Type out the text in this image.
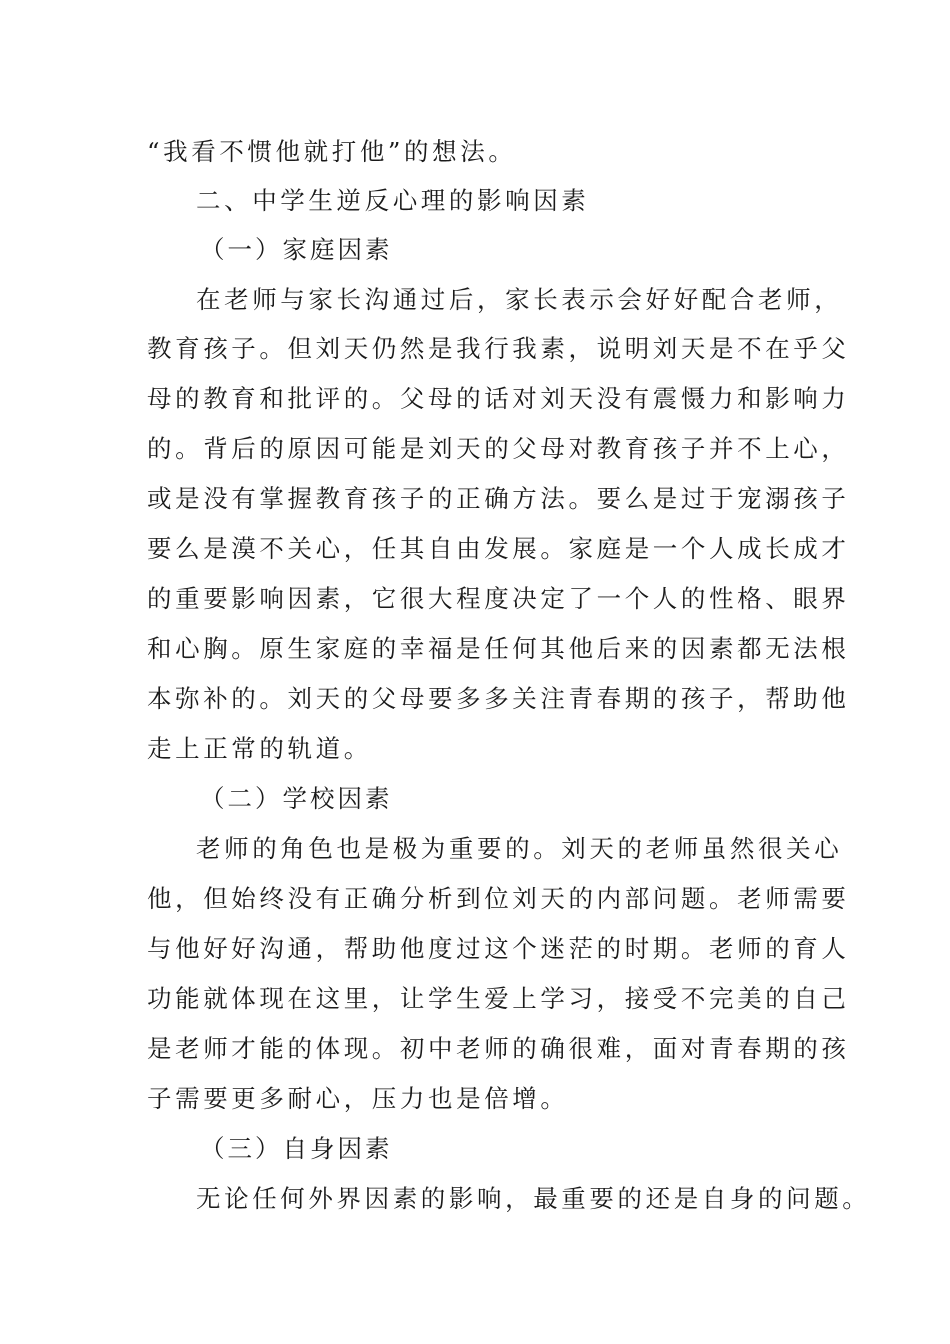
“我看不惯他就打他”的想法。
二、中学生逆反心理的影响因素
（一）家庭因素
在老师与家长沟通过后，家长表示会好好配合老师，
教育孩子。但刘天仍然是我行我素，说明刘天是不在乎父
母的教育和批评的。父母的话对刘天没有震慑力和影响力
的。背后的原因可能是刘天的父母对教育孩子并不上心，
或是没有掌握教育孩子的正确方法。要么是过于宠溺孩子
要么是漠不关心，任其自由发展。家庭是一个人成长成才
的重要影响因素，它很大程度决定了一个人的性格、眼界
和心胸。原生家庭的幸福是任何其他后来的因素都无法根
本弥补的。刘天的父母要多多关注青春期的孩子，帮助他
走上正常的轨道。
（二）学校因素
老师的角色也是极为重要的。刘天的老师虽然很关心
他，但始终没有正确分析到位刘天的内部问题。老师需要
与他好好沟通，帮助他度过这个迷茫的时期。老师的育人
功能就体现在这里，让学生爱上学习，接受不完美的自己
是老师才能的体现。初中老师的确很难，面对青春期的孩
子需要更多耐心，压力也是倍增。
（三）自身因素
无论任何外界因素的影响，最重要的还是自身的问题。
